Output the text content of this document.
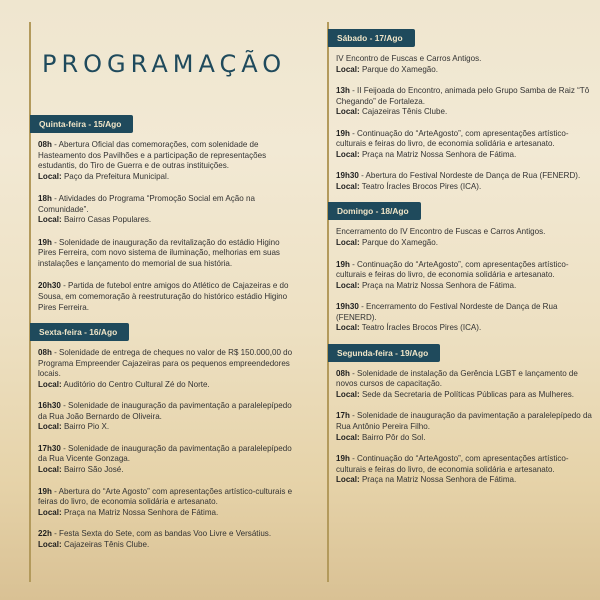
PROGRAMAÇÃO
Quinta-feira - 15/Ago

08h - Abertura Oficial das comemorações, com solenidade de Hasteamento dos Pavilhões e a participação de representações estudantis, do Tiro de Guerra e de outras instituições.
Local: Paço da Prefeitura Municipal.

18h - Atividades do Programa “Promoção Social em Ação na Comunidade”.
Local: Bairro Casas Populares.

19h - Solenidade de inauguração da revitalização do estádio Higino Pires Ferreira, com novo sistema de iluminação, melhorias em suas instalações e lançamento do memorial de sua história.

20h30 - Partida de futebol entre amigos do Atlético de Cajazeiras e do Sousa, em comemoração à reestruturação do histórico estádio Higino Pires Ferreira.

Sexta-feira - 16/Ago

08h - Solenidade de entrega de cheques no valor de R$ 150.000,00 do Programa Empreender Cajazeiras para os pequenos empreendedores locais.
Local: Auditório do Centro Cultural Zé do Norte.

16h30 - Solenidade de inauguração da pavimentação a paralelepípedo da Rua João Bernardo de Oliveira.
Local: Bairro Pio X.

17h30 - Solenidade de inauguração da pavimentação a paralelepípedo da Rua Vicente Gonzaga.
Local: Bairro São José.

19h - Abertura do “Arte Agosto” com apresentações artístico-culturais e feiras do livro, de economia solidária e artesanato.
Local: Praça na Matriz Nossa Senhora de Fátima.

22h - Festa Sexta do Sete, com as bandas Voo Livre e Versátius.
Local: Cajazeiras Tênis Clube.

Sábado - 17/Ago

IV Encontro de Fuscas e Carros Antigos.
Local: Parque do Xamegão.

13h - II Feijoada do Encontro, animada pelo Grupo Samba de Raiz “Tô Chegando” de Fortaleza.
Local: Cajazeiras Tênis Clube.

19h - Continuação do “ArteAgosto”, com apresentações artístico-culturais e feiras do livro, de economia solidária e artesanato.
Local: Praça na Matriz Nossa Senhora de Fátima.

19h30 - Abertura do Festival Nordeste de Dança de Rua (FENERD).
Local: Teatro Íracles Brocos Pires (ICA).

Domingo - 18/Ago

Encerramento do IV Encontro de Fuscas e Carros Antigos.
Local: Parque do Xamegão.

19h - Continuação do “ArteAgosto”, com apresentações artístico-culturais e feiras do livro, de economia solidária e artesanato.
Local: Praça na Matriz Nossa Senhora de Fátima.

19h30 - Encerramento do Festival Nordeste de Dança de Rua (FENERD).
Local: Teatro Íracles Brocos Pires (ICA).

Segunda-feira - 19/Ago

08h - Solenidade de instalação da Gerência LGBT e lançamento de novos cursos de capacitação.
Local: Sede da Secretaria de Políticas Públicas para as Mulheres.

17h - Solenidade de inauguração da pavimentação a paralelepípedo da Rua Antônio Pereira Filho.
Local: Bairro Pôr do Sol.

19h - Continuação do “ArteAgosto”, com apresentações artístico-culturais e feiras do livro, de economia solidária e artesanato.
Local: Praça na Matriz Nossa Senhora de Fátima.
